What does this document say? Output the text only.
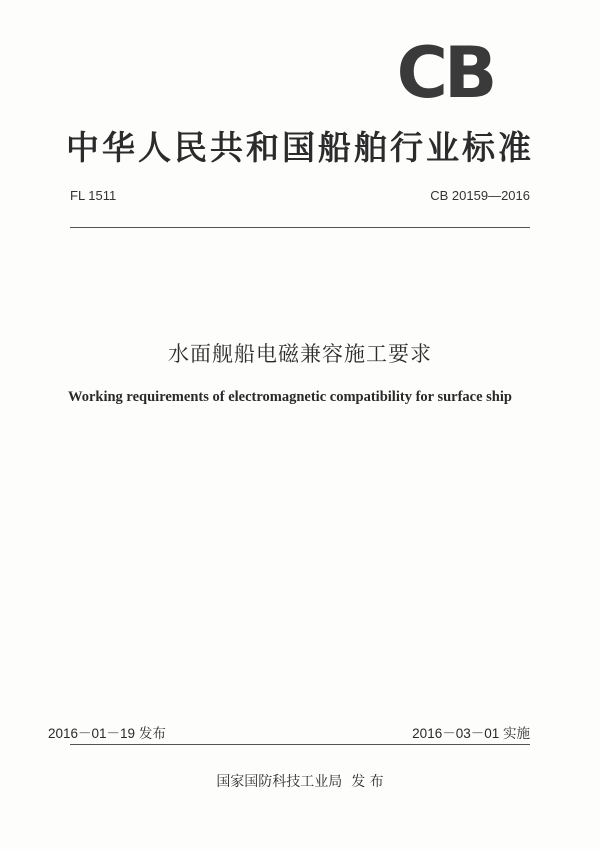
CB
中华人民共和国船舶行业标准
FL 1511	CB 20159—2016
水面舰船电磁兼容施工要求
Working requirements of electromagnetic compatibility for surface ship
2016－01－19 发布	2016－03－01 实施
国家国防科技工业局  发 布
